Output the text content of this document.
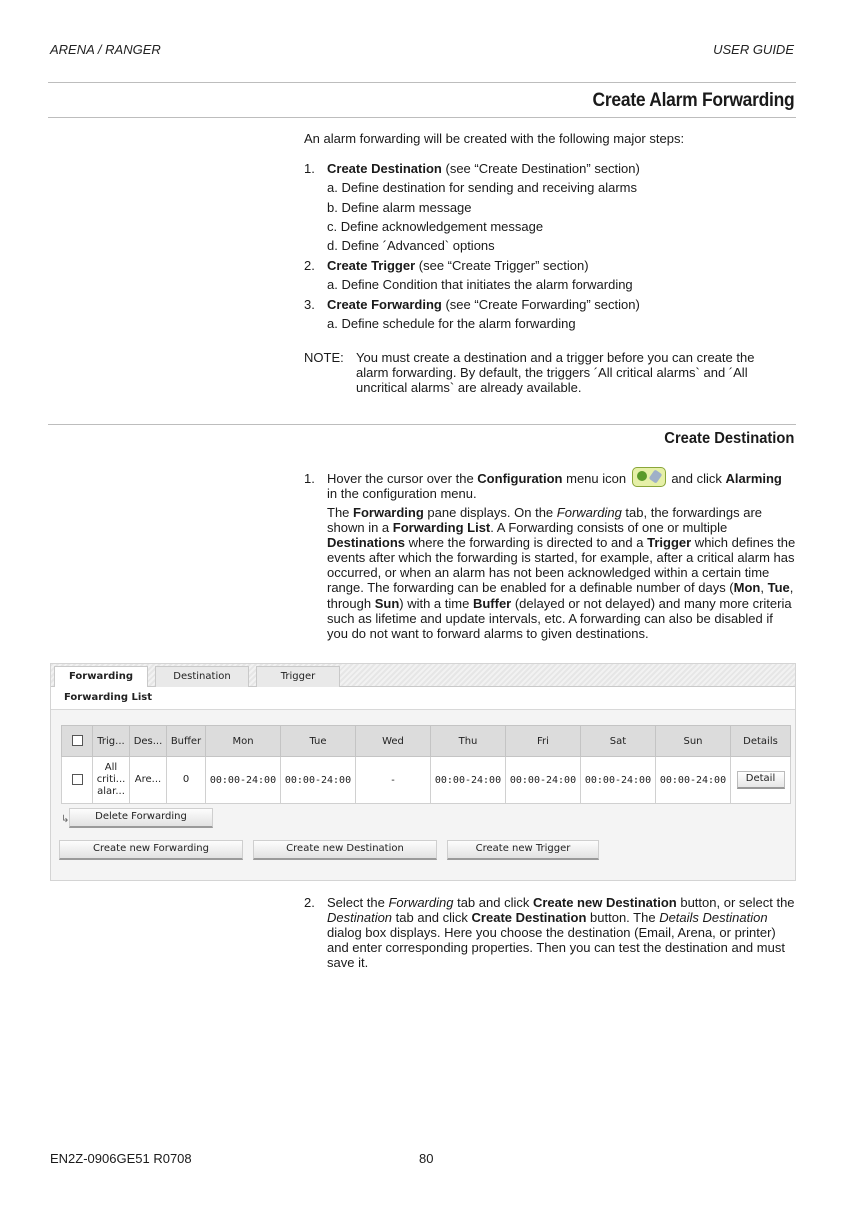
ARENA / RANGER	USER GUIDE
Create Alarm Forwarding
An alarm forwarding will be created with the following major steps:
1. Create Destination (see “Create Destination” section)
a. Define destination for sending and receiving alarms
b. Define alarm message
c. Define acknowledgement message
d. Define ´Advanced` options
2. Create Trigger (see “Create Trigger” section)
a. Define Condition that initiates the alarm forwarding
3. Create Forwarding (see “Create Forwarding” section)
a. Define schedule for the alarm forwarding
NOTE: You must create a destination and a trigger before you can create the
alarm forwarding. By default, the triggers ´All critical alarms` and ´All
uncritical alarms` are already available.
Create Destination
1. Hover the cursor over the Configuration menu icon	and click Alarming
in the configuration menu.
The Forwarding pane displays. On the Forwarding tab, the forwardings are shown in a Forwarding List. A Forwarding consists of one or multiple Destinations where the forwarding is directed to and a Trigger which defines the events after which the forwarding is started, for example, after a critical alarm has occurred, or when an alarm has not been acknowledged within a certain time range. The forwarding can be enabled for a definable number of days (Mon, Tue, through Sun) with a time Buffer (delayed or not delayed) and many more criteria such as lifetime and update intervals, etc. A forwarding can also be disabled if you do not want to forward alarms to given destinations.
Forwarding	Destination	Trigger
Forwarding List
	Trig...	Des...	Buffer	Mon	Tue	Wed	Thu	Fri	Sat	Sun	Details
	All
criti...
alar...	Are...	0	00:00-24:00	00:00-24:00	-	00:00-24:00	00:00-24:00	00:00-24:00	00:00-24:00	Detail
↳	Delete Forwarding
Create new Forwarding	Create new Destination	Create new Trigger
2. Select the Forwarding tab and click Create new Destination button, or select the Destination tab and click Create Destination button. The Details Destination dialog box displays. Here you choose the destination (Email, Arena, or printer) and enter corresponding properties. Then you can test the destination and must save it.
EN2Z-0906GE51 R0708	80
